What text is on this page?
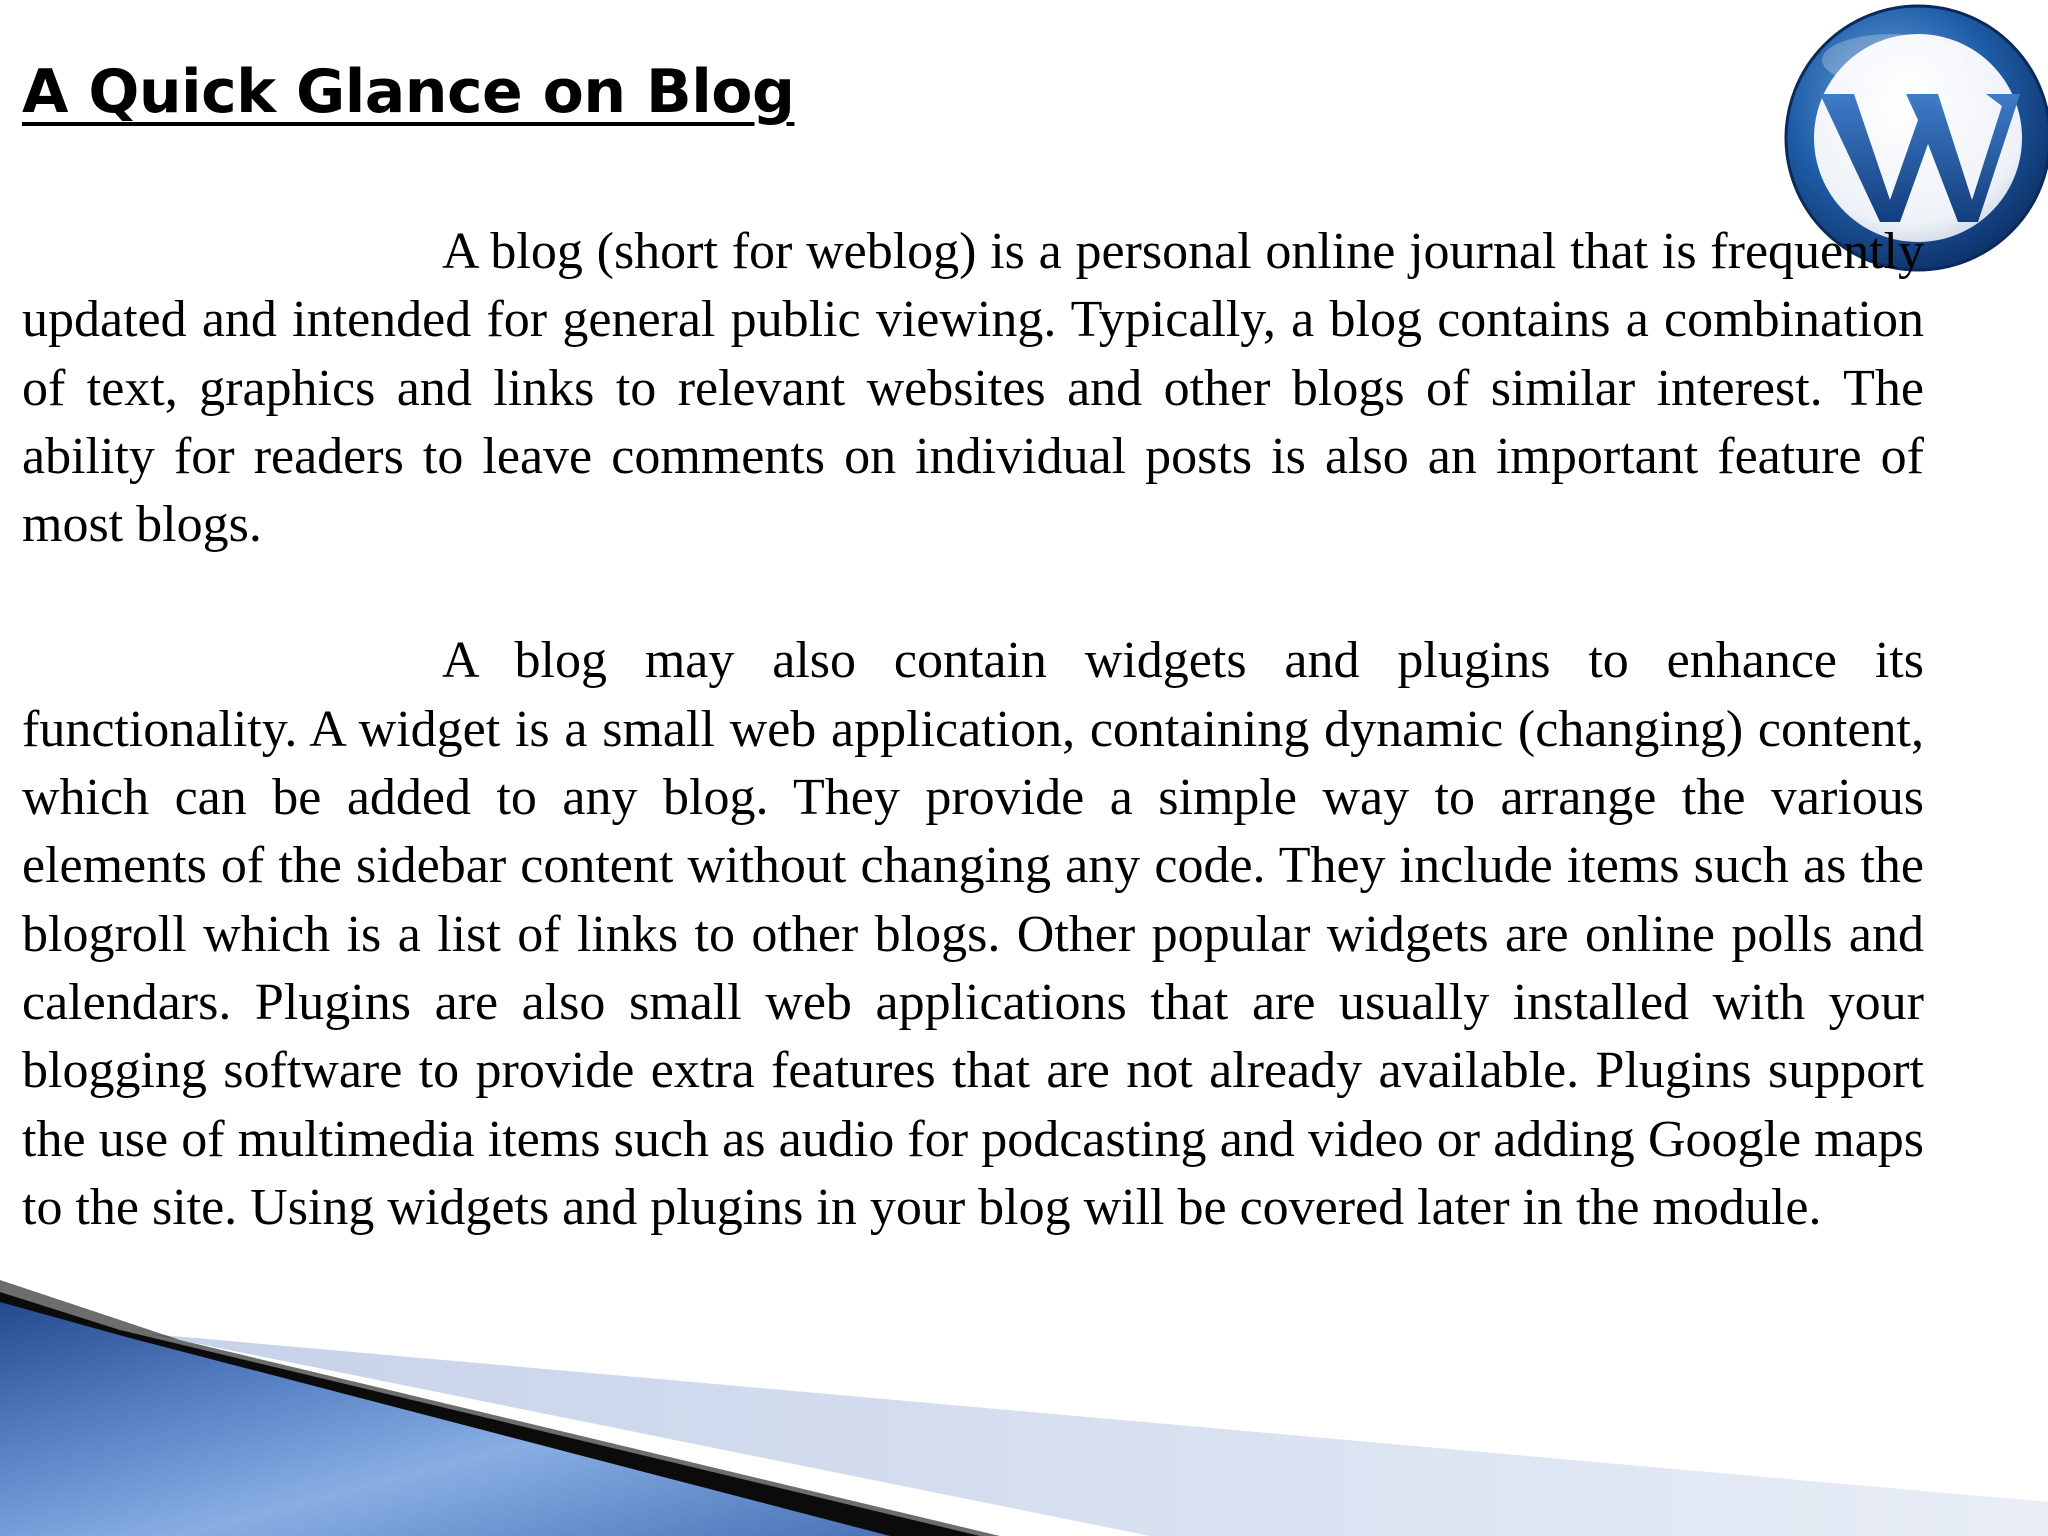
A Quick Glance on Blog

A blog (short for weblog) is a personal online journal that is frequently updated and intended for general public viewing. Typically, a blog contains a combination of text, graphics and links to relevant websites and other blogs of similar interest. The ability for readers to leave comments on individual posts is also an important feature of most blogs.

A blog may also contain widgets and plugins to enhance its functionality. A widget is a small web application, containing dynamic (changing) content, which can be added to any blog. They provide a simple way to arrange the various elements of the sidebar content without changing any code. They include items such as the blogroll which is a list of links to other blogs. Other popular widgets are online polls and calendars. Plugins are also small web applications that are usually installed with your blogging software to provide extra features that are not already available. Plugins support the use of multimedia items such as audio for podcasting and video or adding Google maps to the site. Using widgets and plugins in your blog will be covered later in the module.
